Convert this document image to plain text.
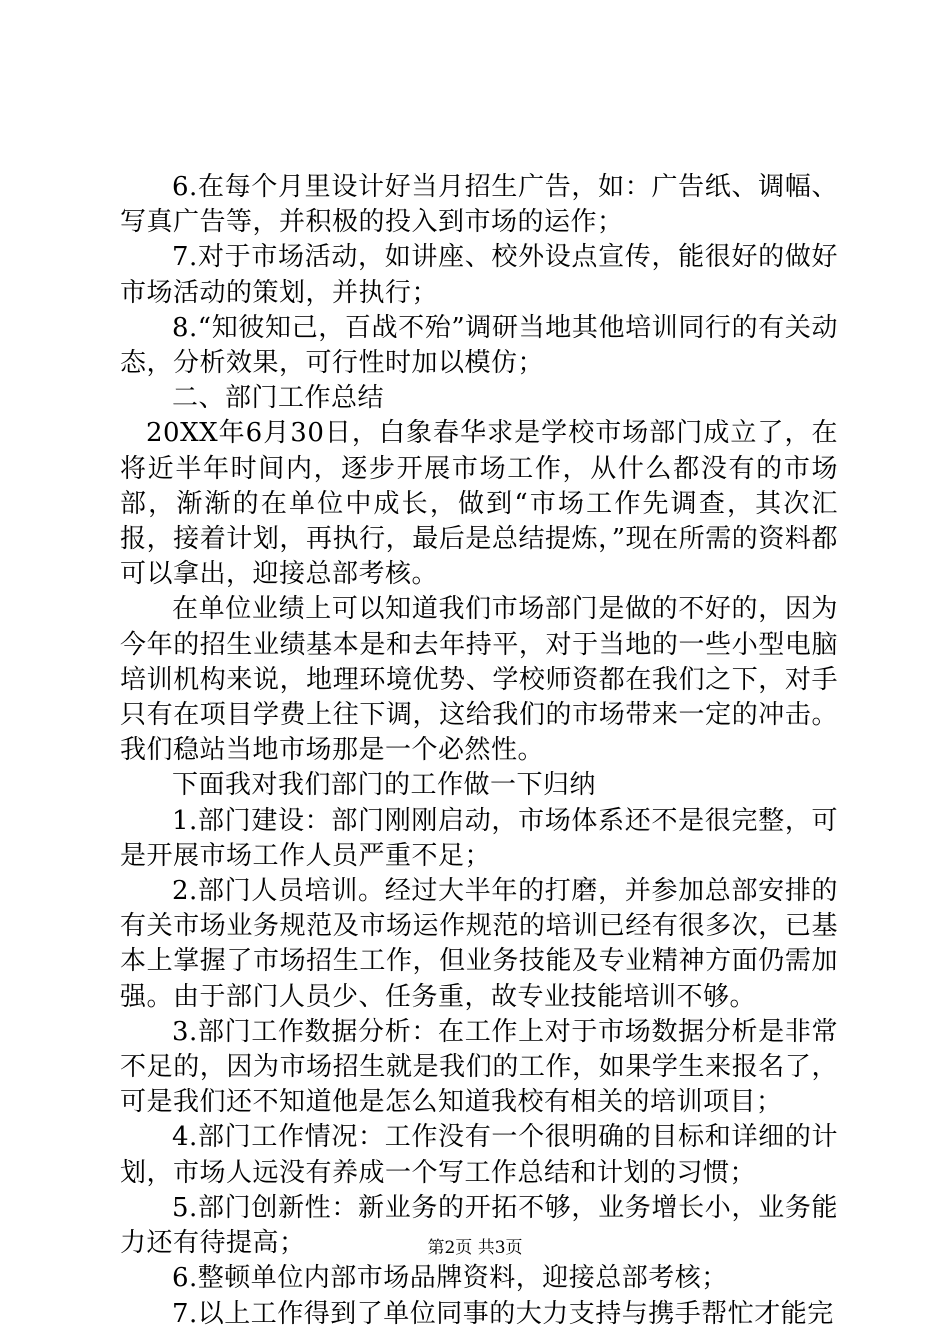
6.在每个月里设计好当月招生广告，如：广告纸、调幅、写真广告等，并积极的投入到市场的运作；

7.对于市场活动，如讲座、校外设点宣传，能很好的做好市场活动的策划，并执行；

8.“知彼知己，百战不殆”调研当地其他培训同行的有关动态，分析效果，可行性时加以模仿；

二、部门工作总结

20XX年6月30日，白象春华求是学校市场部门成立了，在将近半年时间内，逐步开展市场工作，从什么都没有的市场部，渐渐的在单位中成长，做到“市场工作先调查，其次汇报，接着计划，再执行，最后是总结提炼，”现在所需的资料都可以拿出，迎接总部考核。

在单位业绩上可以知道我们市场部门是做的不好的，因为今年的招生业绩基本是和去年持平，对于当地的一些小型电脑培训机构来说，地理环境优势、学校师资都在我们之下，对手只有在项目学费上往下调，这给我们的市场带来一定的冲击。我们稳站当地市场那是一个必然性。

下面我对我们部门的工作做一下归纳

1.部门建设：部门刚刚启动，市场体系还不是很完整，可是开展市场工作人员严重不足；

2.部门人员培训。经过大半年的打磨，并参加总部安排的有关市场业务规范及市场运作规范的培训已经有很多次，已基本上掌握了市场招生工作，但业务技能及专业精神方面仍需加强。由于部门人员少、任务重，故专业技能培训不够。

3.部门工作数据分析：在工作上对于市场数据分析是非常不足的，因为市场招生就是我们的工作，如果学生来报名了，可是我们还不知道他是怎么知道我校有相关的培训项目；

4.部门工作情况：工作没有一个很明确的目标和详细的计划，市场人远没有养成一个写工作总结和计划的习惯；

5.部门创新性：新业务的开拓不够，业务增长小，业务能力还有待提高；

6.整顿单位内部市场品牌资料，迎接总部考核；

7.以上工作得到了单位同事的大力支持与携手帮忙才能完

第2页 共3页
